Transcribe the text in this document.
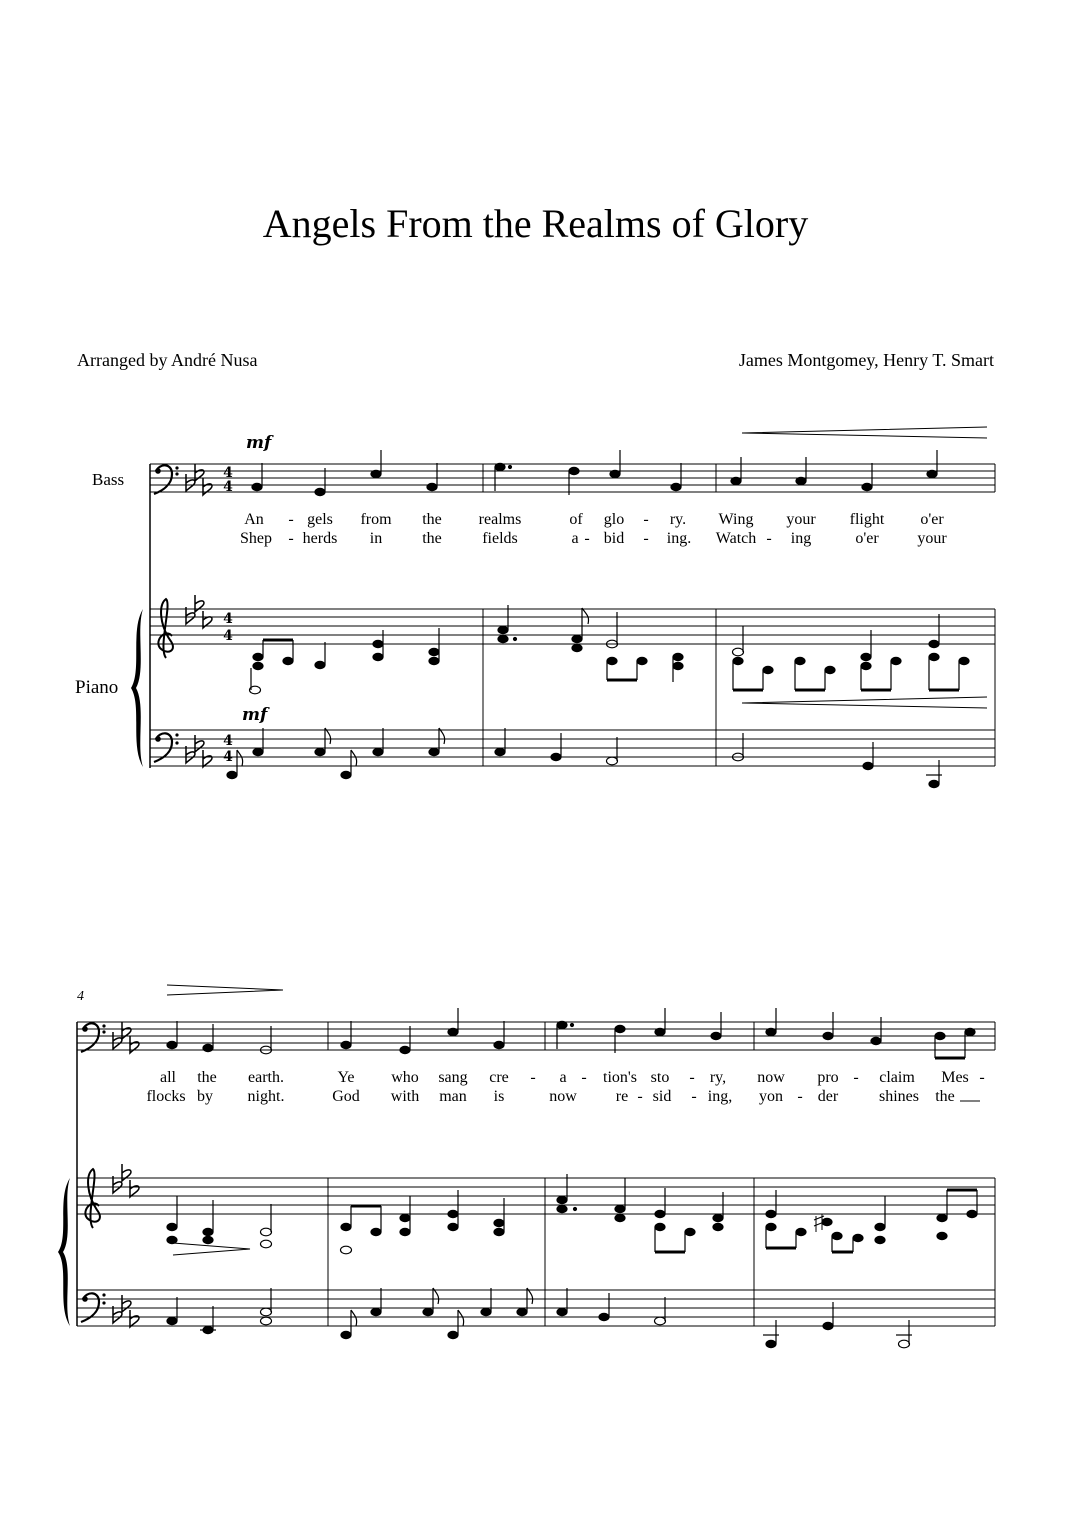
Angels From the Realms of Glory
Arranged by André Nusa	James Montgomey, Henry T. Smart
Bass
Piano
4
4
mf
An - gels from the realms	of glo - ry. Wing your flight o'er
Shep - herds in	the	fields	a - bid - ing. Watch - ing	o'er your
4
4
4
4
mf
4
all the earth.	Ye who sang cre - a - tion's sto - ry, now pro - claim Mes -
flocks by night.	God with man is	now re - sid - ing, yon - der	shines the
